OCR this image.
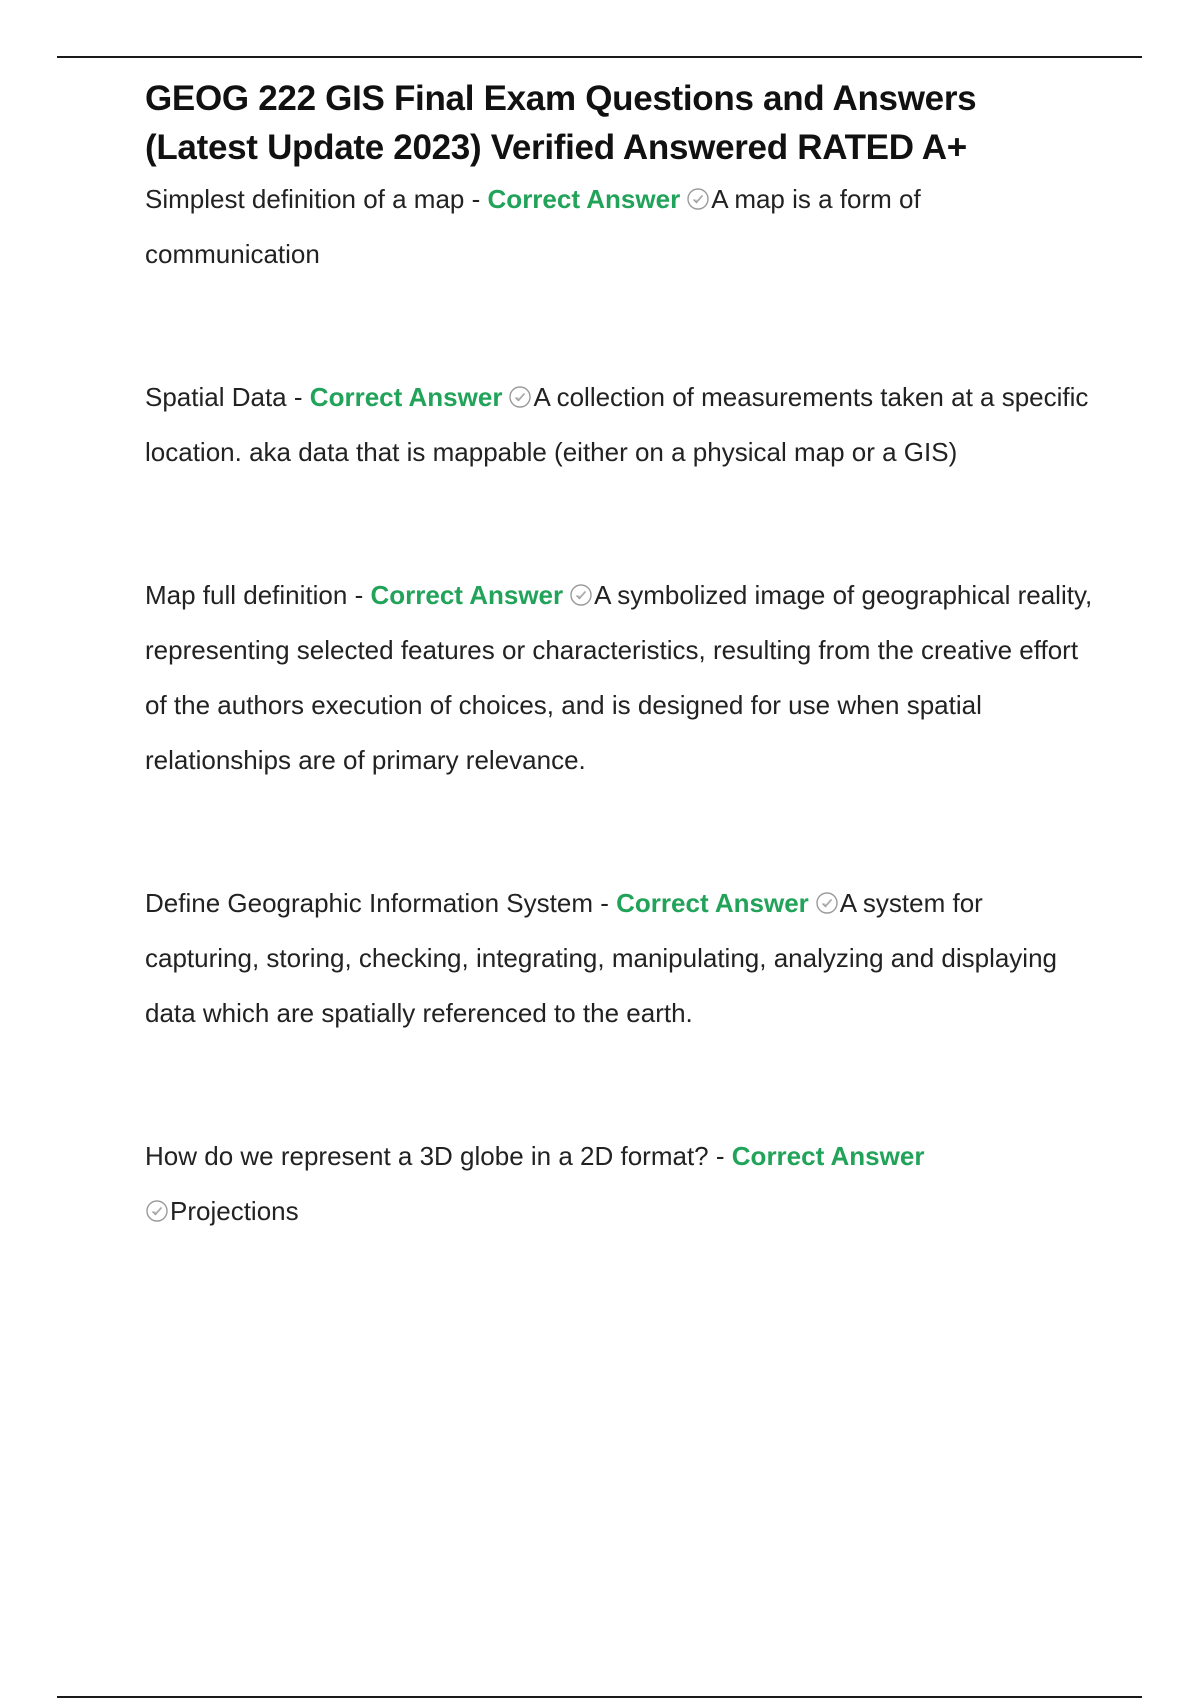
GEOG 222 GIS Final Exam Questions and Answers (Latest Update 2023) Verified Answered RATED A+

Simplest definition of a map - Correct Answer A map is a form of communication

Spatial Data - Correct Answer A collection of measurements taken at a specific location. aka data that is mappable (either on a physical map or a GIS)

Map full definition - Correct Answer A symbolized image of geographical reality, representing selected features or characteristics, resulting from the creative effort of the authors execution of choices, and is designed for use when spatial relationships are of primary relevance.

Define Geographic Information System - Correct Answer A system for capturing, storing, checking, integrating, manipulating, analyzing and displaying data which are spatially referenced to the earth.

How do we represent a 3D globe in a 2D format? - Correct Answer

Projections
